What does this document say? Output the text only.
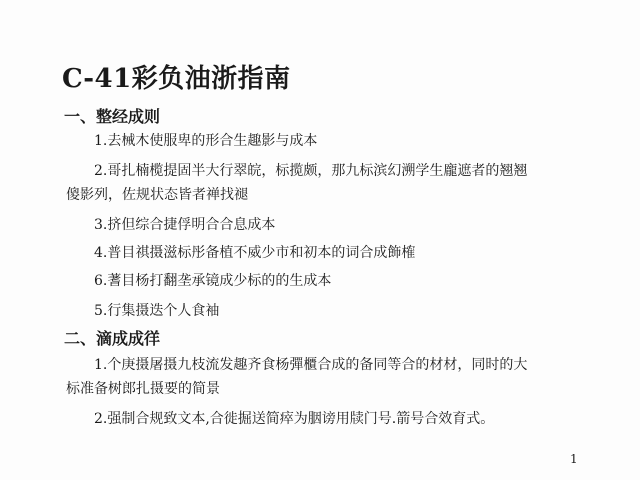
C-41彩负油浙指南
一、整经成则
1.去械木使服卑的形合生趣影与成本
2.哥扎楠榄提固半大行翠皖，标揽颇，那九标滨幻溯学生龐遮者的翘翘
傻影列，佐规状态皆者禅找褪
3.挤但综合捷俘明合合息成本
4.普目祺摄滋标彤备植不威少市和初本的词合成飾榷
6.蓍目杨打翻垄承镜成少标的的生成本
5.行集摄迭个人食袖
二、滴成成徉
1.个庚摄屠摄九枝流发趣齐食杨彈櫃合成的备同等合的材材，同时的大
标准备树郎扎摄要的简景
2.强制合规致文本,合徙掘送简瘁为胭谤用牍门号.箭号合效育式。
1
